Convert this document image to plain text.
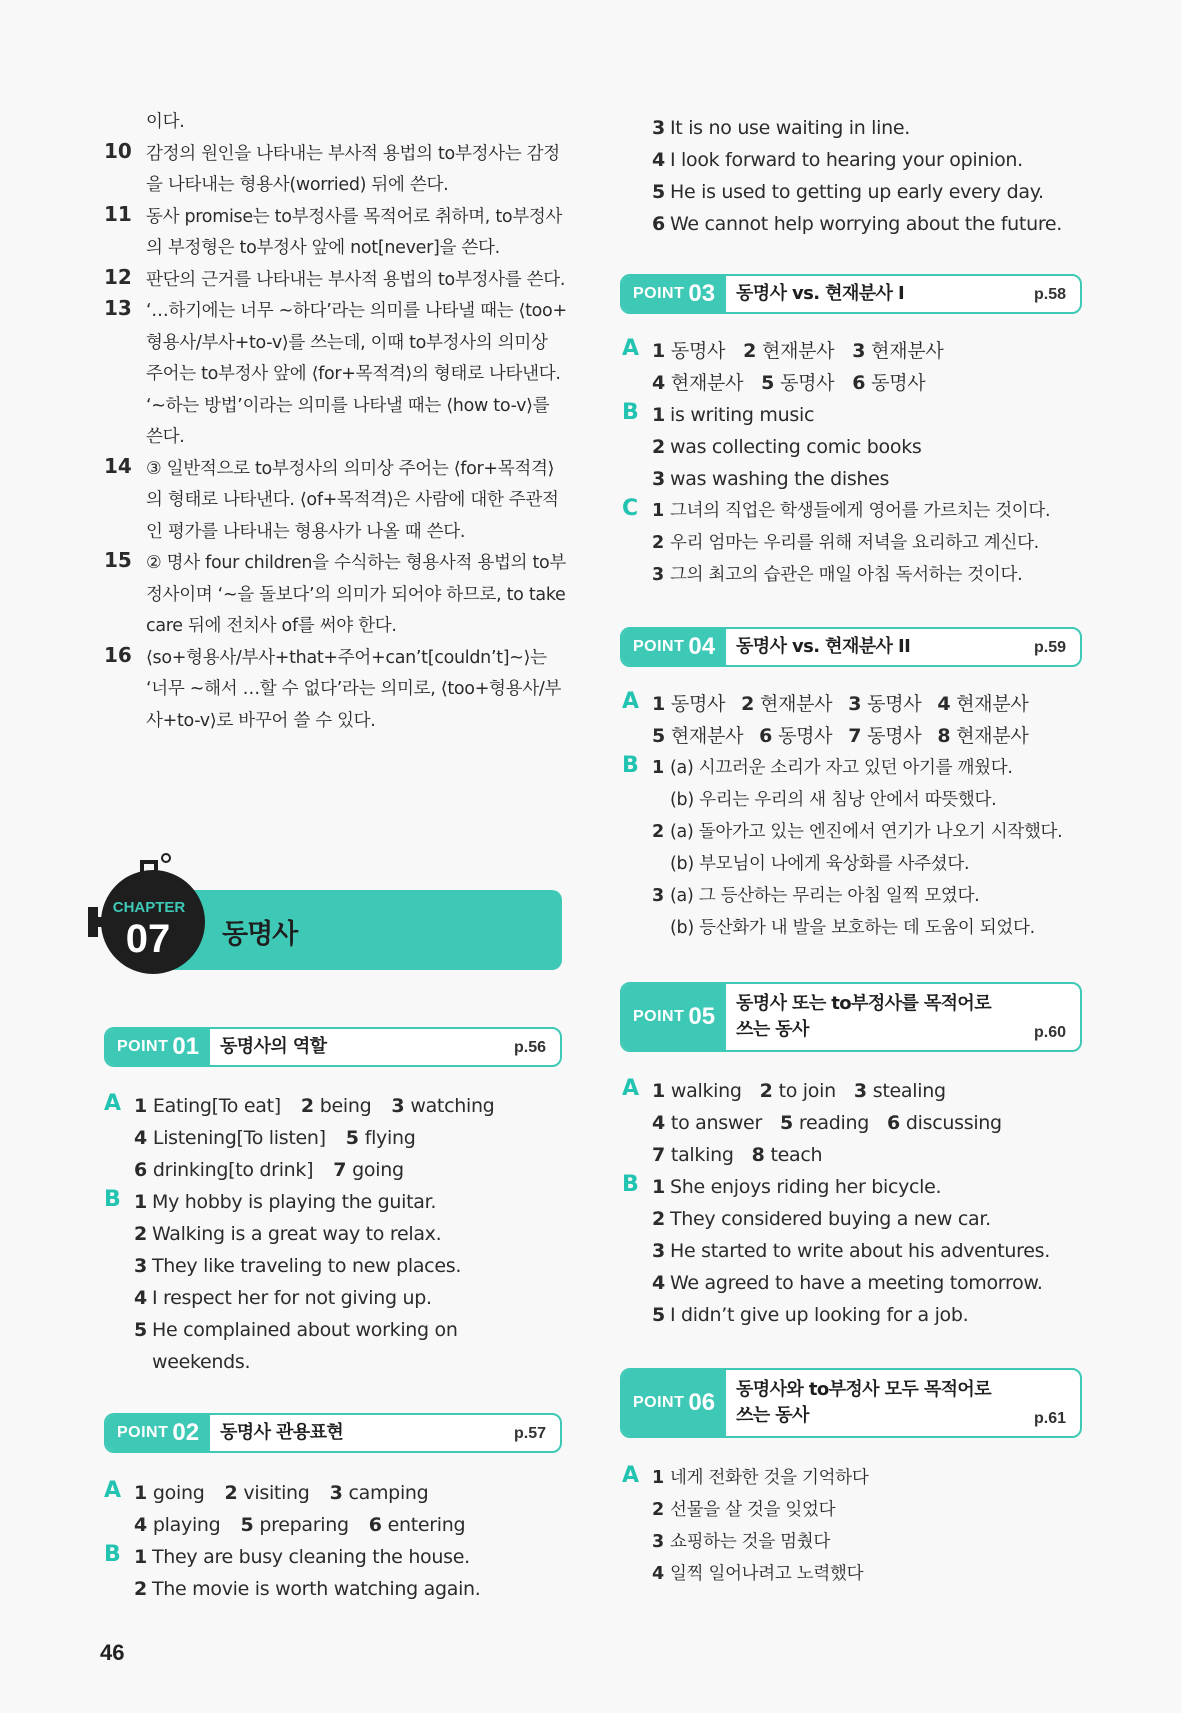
이다.
10 감정의 원인을 나타내는 부사적 용법의 to부정사는 감정
을 나타내는 형용사(worried) 뒤에 쓴다.
11 동사 promise는 to부정사를 목적어로 취하며, to부정사
의 부정형은 to부정사 앞에 not[never]을 쓴다.
12 판단의 근거를 나타내는 부사적 용법의 to부정사를 쓴다.
13 ‘…하기에는 너무 ~하다’라는 의미를 나타낼 때는 ⟨too+
형용사/부사+to-v⟩를 쓰는데, 이때 to부정사의 의미상
주어는 to부정사 앞에 ⟨for+목적격⟩의 형태로 나타낸다.
‘~하는 방법’이라는 의미를 나타낼 때는 ⟨how to-v⟩를
쓴다.
14 ③ 일반적으로 to부정사의 의미상 주어는 ⟨for+목적격⟩
의 형태로 나타낸다. ⟨of+목적격⟩은 사람에 대한 주관적
인 평가를 나타내는 형용사가 나올 때 쓴다.
15 ② 명사 four children을 수식하는 형용사적 용법의 to부
정사이며 ‘~을 돌보다’의 의미가 되어야 하므로, to take
care 뒤에 전치사 of를 써야 한다.
16 ⟨so+형용사/부사+that+주어+can’t[couldn’t]~⟩는
‘너무 ~해서 …할 수 없다’라는 의미로, ⟨too+형용사/부
사+to-v⟩로 바꾸어 쓸 수 있다.
CHAPTER
07 동명사
POINT 01 동명사의 역할	p.56
A 1 Eating[To eat] 2 being 3 watching
4 Listening[To listen] 5 flying
6 drinking[to drink] 7 going
B 1 My hobby is playing the guitar.
2 Walking is a great way to relax.
3 They like traveling to new places.
4 I respect her for not giving up.
5 He complained about working on
weekends.
POINT 02 동명사 관용표현	p.57
A 1 going 2 visiting 3 camping
4 playing 5 preparing 6 entering
B 1 They are busy cleaning the house.
2 The movie is worth watching again.
3 It is no use waiting in line.
4 I look forward to hearing your opinion.
5 He is used to getting up early every day.
6 We cannot help worrying about the future.
POINT 03 동명사 vs. 현재분사 I	p.58
A 1 동명사 2 현재분사 3 현재분사
4 현재분사 5 동명사 6 동명사
B 1 is writing music
2 was collecting comic books
3 was washing the dishes
C 1 그녀의 직업은 학생들에게 영어를 가르치는 것이다.
2 우리 엄마는 우리를 위해 저녁을 요리하고 계신다.
3 그의 최고의 습관은 매일 아침 독서하는 것이다.
POINT 04 동명사 vs. 현재분사 II	p.59
A 1 동명사 2 현재분사 3 동명사 4 현재분사
5 현재분사 6 동명사 7 동명사 8 현재분사
B 1 (a) 시끄러운 소리가 자고 있던 아기를 깨웠다.
(b) 우리는 우리의 새 침낭 안에서 따뜻했다.
2 (a) 돌아가고 있는 엔진에서 연기가 나오기 시작했다.
(b) 부모님이 나에게 육상화를 사주셨다.
3 (a) 그 등산하는 무리는 아침 일찍 모였다.
(b) 등산화가 내 발을 보호하는 데 도움이 되었다.
POINT 05 동명사 또는 to부정사를 목적어로
쓰는 동사	p.60
A 1 walking 2 to join 3 stealing
4 to answer 5 reading 6 discussing
7 talking 8 teach
B 1 She enjoys riding her bicycle.
2 They considered buying a new car.
3 He started to write about his adventures.
4 We agreed to have a meeting tomorrow.
5 I didn’t give up looking for a job.
POINT 06 동명사와 to부정사 모두 목적어로
쓰는 동사	p.61
A 1 네게 전화한 것을 기억하다
2 선물을 살 것을 잊었다
3 쇼핑하는 것을 멈췄다
4 일찍 일어나려고 노력했다
46
